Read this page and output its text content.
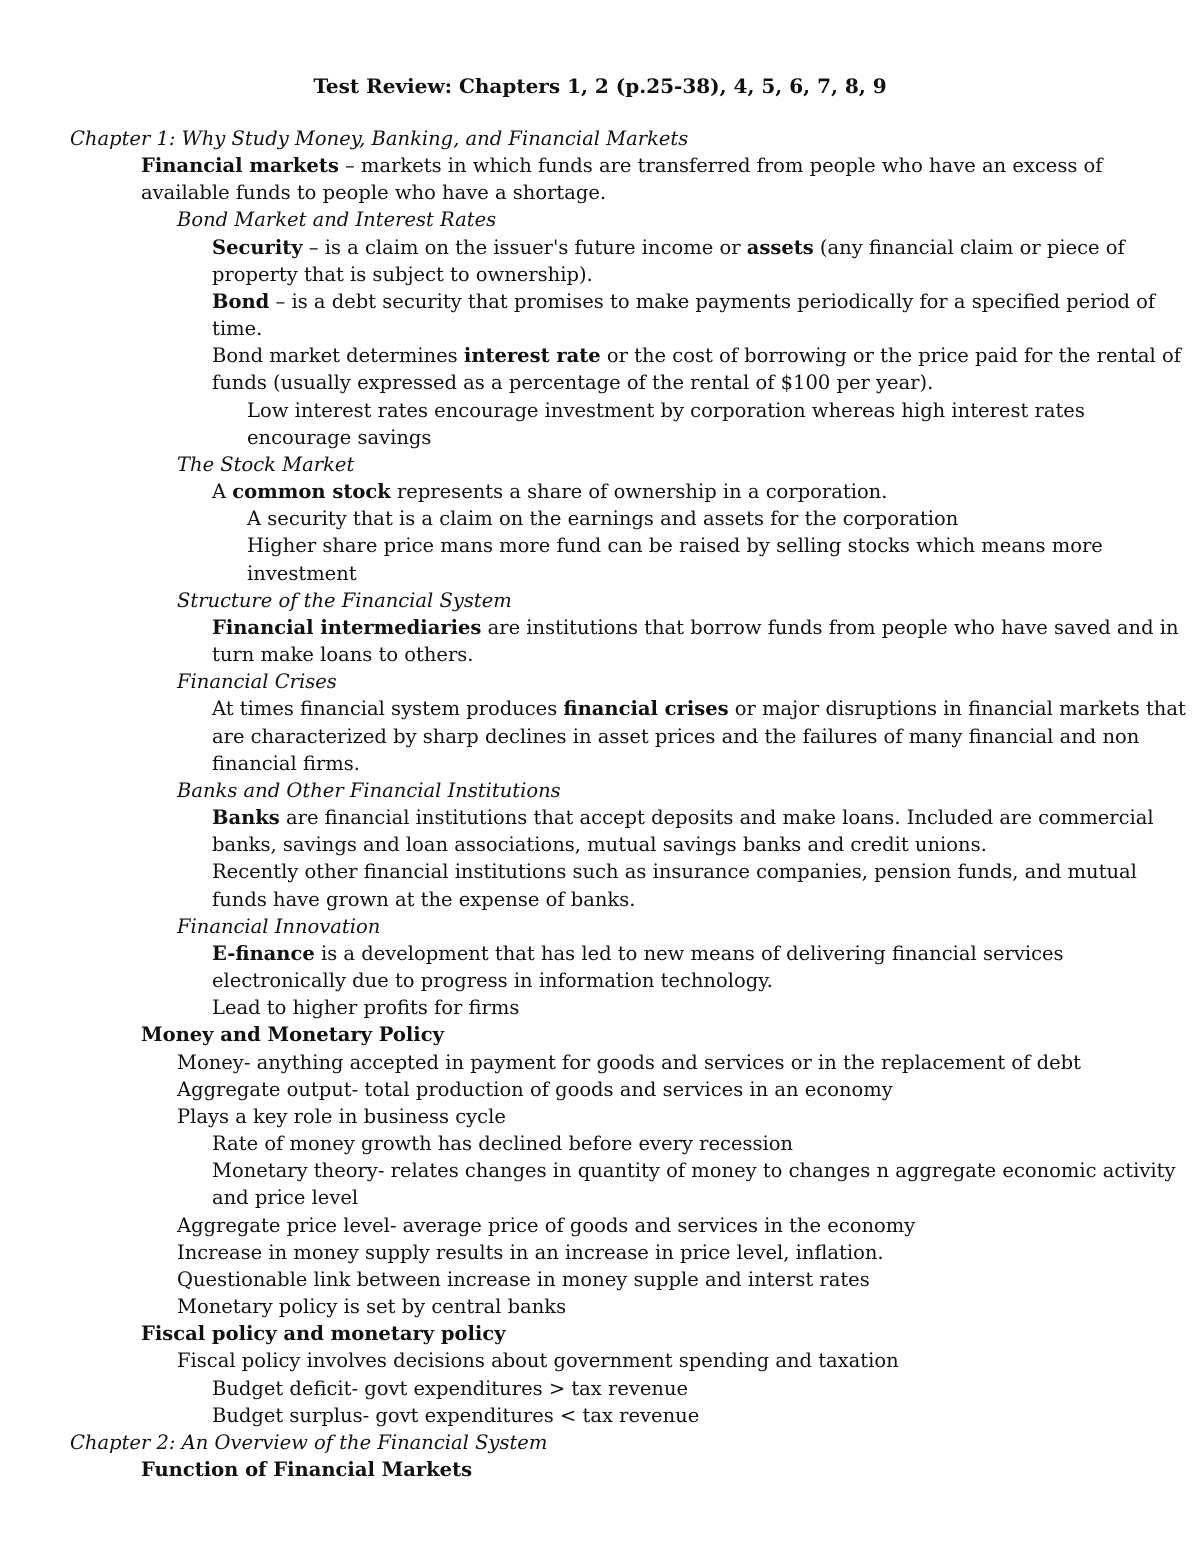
Test Review: Chapters 1, 2 (p.25-38), 4, 5, 6, 7, 8, 9
Chapter 1: Why Study Money, Banking, and Financial Markets
Financial markets – markets in which funds are transferred from people who have an excess of
available funds to people who have a shortage.
Bond Market and Interest Rates
Security – is a claim on the issuer's future income or assets (any financial claim or piece of
property that is subject to ownership).
Bond – is a debt security that promises to make payments periodically for a specified period of
time.
Bond market determines interest rate or the cost of borrowing or the price paid for the rental of
funds (usually expressed as a percentage of the rental of $100 per year).
Low interest rates encourage investment by corporation whereas high interest rates
encourage savings
The Stock Market
A common stock represents a share of ownership in a corporation.
A security that is a claim on the earnings and assets for the corporation
Higher share price mans more fund can be raised by selling stocks which means more
investment
Structure of the Financial System
Financial intermediaries are institutions that borrow funds from people who have saved and in
turn make loans to others.
Financial Crises
At times financial system produces financial crises or major disruptions in financial markets that
are characterized by sharp declines in asset prices and the failures of many financial and non
financial firms.
Banks and Other Financial Institutions
Banks are financial institutions that accept deposits and make loans. Included are commercial
banks, savings and loan associations, mutual savings banks and credit unions.
Recently other financial institutions such as insurance companies, pension funds, and mutual
funds have grown at the expense of banks.
Financial Innovation
E-finance is a development that has led to new means of delivering financial services
electronically due to progress in information technology.
Lead to higher profits for firms
Money and Monetary Policy
Money- anything accepted in payment for goods and services or in the replacement of debt
Aggregate output- total production of goods and services in an economy
Plays a key role in business cycle
Rate of money growth has declined before every recession
Monetary theory- relates changes in quantity of money to changes n aggregate economic activity
and price level
Aggregate price level- average price of goods and services in the economy
Increase in money supply results in an increase in price level, inflation.
Questionable link between increase in money supple and interst rates
Monetary policy is set by central banks
Fiscal policy and monetary policy
Fiscal policy involves decisions about government spending and taxation
Budget deficit- govt expenditures > tax revenue
Budget surplus- govt expenditures < tax revenue
Chapter 2: An Overview of the Financial System
Function of Financial Markets
